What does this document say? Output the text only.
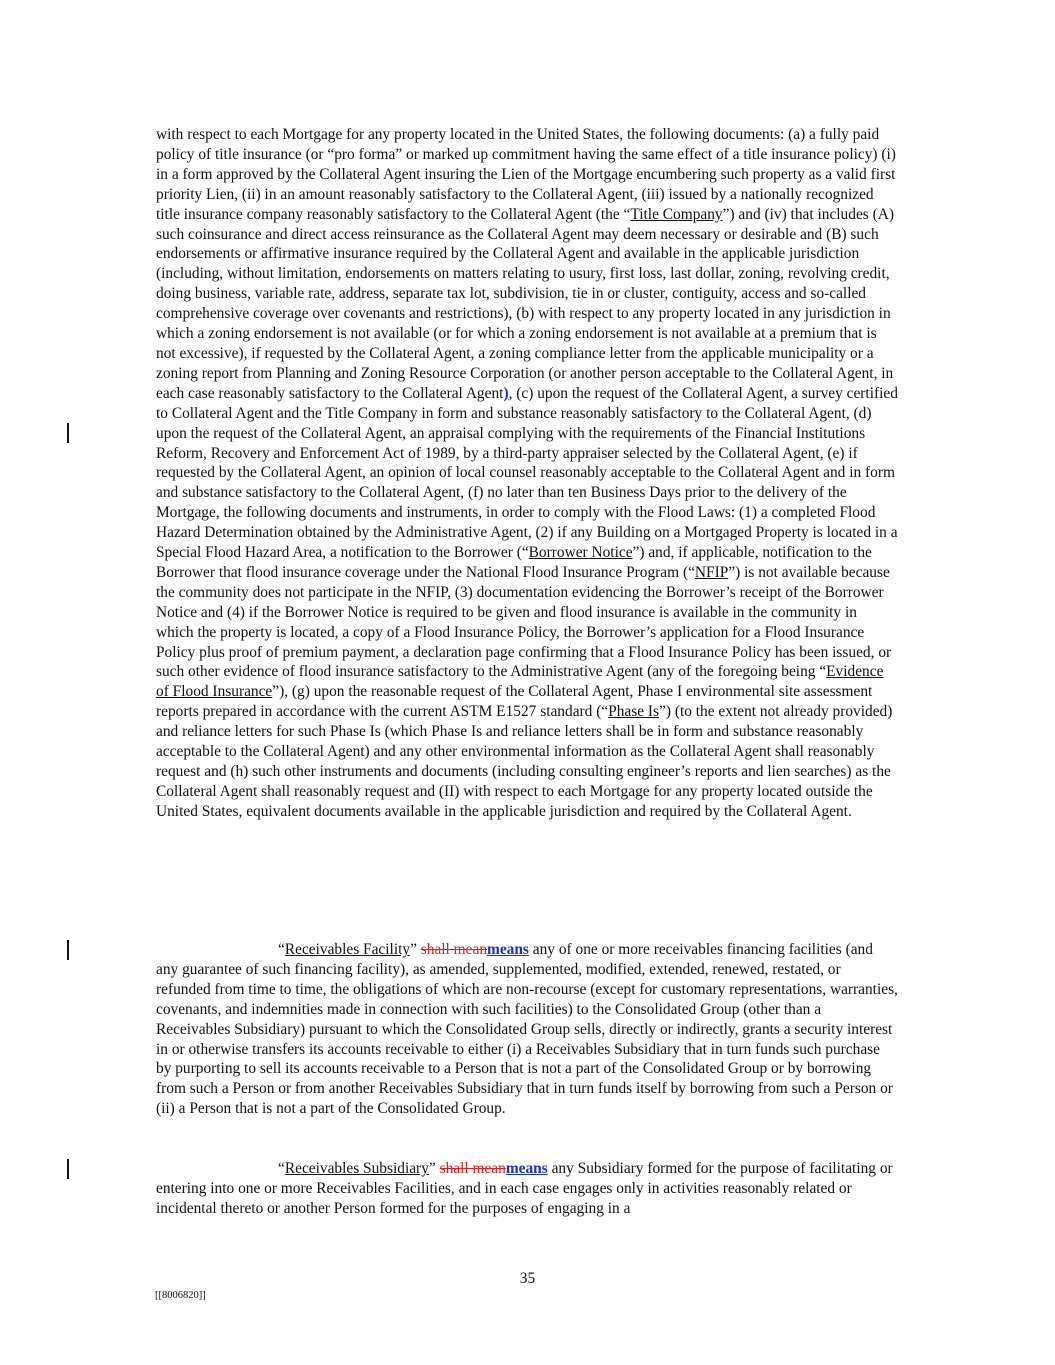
with respect to each Mortgage for any property located in the United States, the following documents: (a) a fully paid policy of title insurance (or “pro forma” or marked up commitment having the same effect of a title insurance policy) (i) in a form approved by the Collateral Agent insuring the Lien of the Mortgage encumbering such property as a valid first priority Lien, (ii) in an amount reasonably satisfactory to the Collateral Agent, (iii) issued by a nationally recognized title insurance company reasonably satisfactory to the Collateral Agent (the “Title Company”) and (iv) that includes (A) such coinsurance and direct access reinsurance as the Collateral Agent may deem necessary or desirable and (B) such endorsements or affirmative insurance required by the Collateral Agent and available in the applicable jurisdiction (including, without limitation, endorsements on matters relating to usury, first loss, last dollar, zoning, revolving credit, doing business, variable rate, address, separate tax lot, subdivision, tie in or cluster, contiguity, access and so-called comprehensive coverage over covenants and restrictions), (b) with respect to any property located in any jurisdiction in which a zoning endorsement is not available (or for which a zoning endorsement is not available at a premium that is not excessive), if requested by the Collateral Agent, a zoning compliance letter from the applicable municipality or a zoning report from Planning and Zoning Resource Corporation (or another person acceptable to the Collateral Agent, in each case reasonably satisfactory to the Collateral Agent), (c) upon the request of the Collateral Agent, a survey certified to Collateral Agent and the Title Company in form and substance reasonably satisfactory to the Collateral Agent, (d) upon the request of the Collateral Agent, an appraisal complying with the requirements of the Financial Institutions Reform, Recovery and Enforcement Act of 1989, by a third-party appraiser selected by the Collateral Agent, (e) if requested by the Collateral Agent, an opinion of local counsel reasonably acceptable to the Collateral Agent and in form and substance satisfactory to the Collateral Agent, (f) no later than ten Business Days prior to the delivery of the Mortgage, the following documents and instruments, in order to comply with the Flood Laws: (1) a completed Flood Hazard Determination obtained by the Administrative Agent, (2) if any Building on a Mortgaged Property is located in a Special Flood Hazard Area, a notification to the Borrower (“Borrower Notice”) and, if applicable, notification to the Borrower that flood insurance coverage under the National Flood Insurance Program (“NFIP”) is not available because the community does not participate in the NFIP, (3) documentation evidencing the Borrower’s receipt of the Borrower Notice and (4) if the Borrower Notice is required to be given and flood insurance is available in the community in which the property is located, a copy of a Flood Insurance Policy, the Borrower’s application for a Flood Insurance Policy plus proof of premium payment, a declaration page confirming that a Flood Insurance Policy has been issued, or such other evidence of flood insurance satisfactory to the Administrative Agent (any of the foregoing being “Evidence of Flood Insurance”), (g) upon the reasonable request of the Collateral Agent, Phase I environmental site assessment reports prepared in accordance with the current ASTM E1527 standard (“Phase Is”) (to the extent not already provided) and reliance letters for such Phase Is (which Phase Is and reliance letters shall be in form and substance reasonably acceptable to the Collateral Agent) and any other environmental information as the Collateral Agent shall reasonably request and (h) such other instruments and documents (including consulting engineer’s reports and lien searches) as the Collateral Agent shall reasonably request and (II) with respect to each Mortgage for any property located outside the United States, equivalent documents available in the applicable jurisdiction and required by the Collateral Agent.
“Receivables Facility” shall meanmeans any of one or more receivables financing facilities (and any guarantee of such financing facility), as amended, supplemented, modified, extended, renewed, restated, or refunded from time to time, the obligations of which are non-recourse (except for customary representations, warranties, covenants, and indemnities made in connection with such facilities) to the Consolidated Group (other than a Receivables Subsidiary) pursuant to which the Consolidated Group sells, directly or indirectly, grants a security interest in or otherwise transfers its accounts receivable to either (i) a Receivables Subsidiary that in turn funds such purchase by purporting to sell its accounts receivable to a Person that is not a part of the Consolidated Group or by borrowing from such a Person or from another Receivables Subsidiary that in turn funds itself by borrowing from such a Person or (ii) a Person that is not a part of the Consolidated Group.
“Receivables Subsidiary” shall meanmeans any Subsidiary formed for the purpose of facilitating or entering into one or more Receivables Facilities, and in each case engages only in activities reasonably related or incidental thereto or another Person formed for the purposes of engaging in a
35
[[8006820]]
